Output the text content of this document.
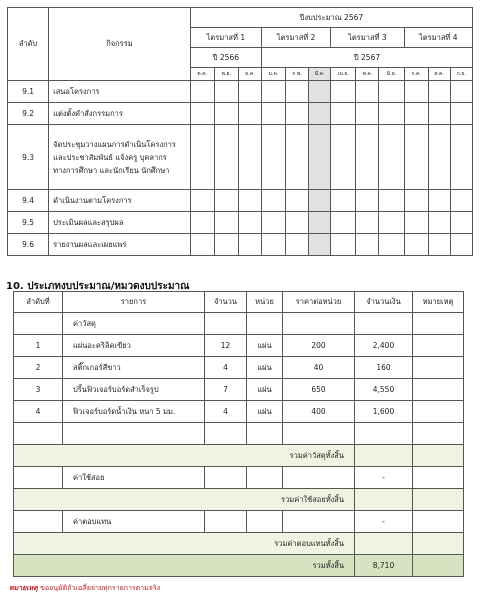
ลำดับ	กิจกรรม	ปีงบประมาณ 2567											
		ไตรมาสที่ 1			ไตรมาสที่ 2			ไตรมาสที่ 3			ไตรมาสที่ 4		
		ปี 2566			ปี 2567								
		ต.ค.	พ.ย.	ธ.ค.	ม.ค.	ก.พ.	มี.ค.	เม.ย.	พ.ค.	มิ.ย.	ก.ค.	ส.ค.	ก.ย.
9.1	เสนอโครงการ												
9.2	แต่งตั้งคำสั่งกรรมการ												
9.3	จัดประชุมวางแผนการดำเนินโครงการ และประชาสัมพันธ์ แจ้งครู บุคลากร ทางการศึกษา และนักเรียน นักศึกษา												
9.4	ดำเนินงานตามโครงการ												
9.5	ประเมินผลและสรุปผล												
9.6	รายงานผลและเผยแพร่												
10. ประเภทงบประมาณ/หมวดงบประมาณ
ลำดับที่	รายการ	จำนวน	หน่วย	ราคาต่อหน่วย	จำนวนเงิน	หมายเหตุ
	ค่าวัสดุ					
1	แผ่นอะคริลิคเขียว	12	แผ่น	200	2,400	
2	สติ๊กเกอร์สีขาว	4	แผ่น	40	160	
3	ปริ้นฟิวเจอร์บอร์ดสำเร็จรูป	7	แผ่น	650	4,550	
4	ฟิวเจอร์บอร์ดน้ำเงิน หนา 5 มม.	4	แผ่น	400	1,600	

รวมค่าวัสดุทั้งสิ้น						
	ค่าใช้สอย				-	
รวมค่าใช้สอยทั้งสิ้น						
	ค่าตอบแทน				-	
รวมค่าตอบแทนทั้งสิ้น						
รวมทั้งสิ้น					8,710	

หมายเหตุ ขออนุมัติถัวเฉลี่ยจ่ายทุกรายการตามจริง
